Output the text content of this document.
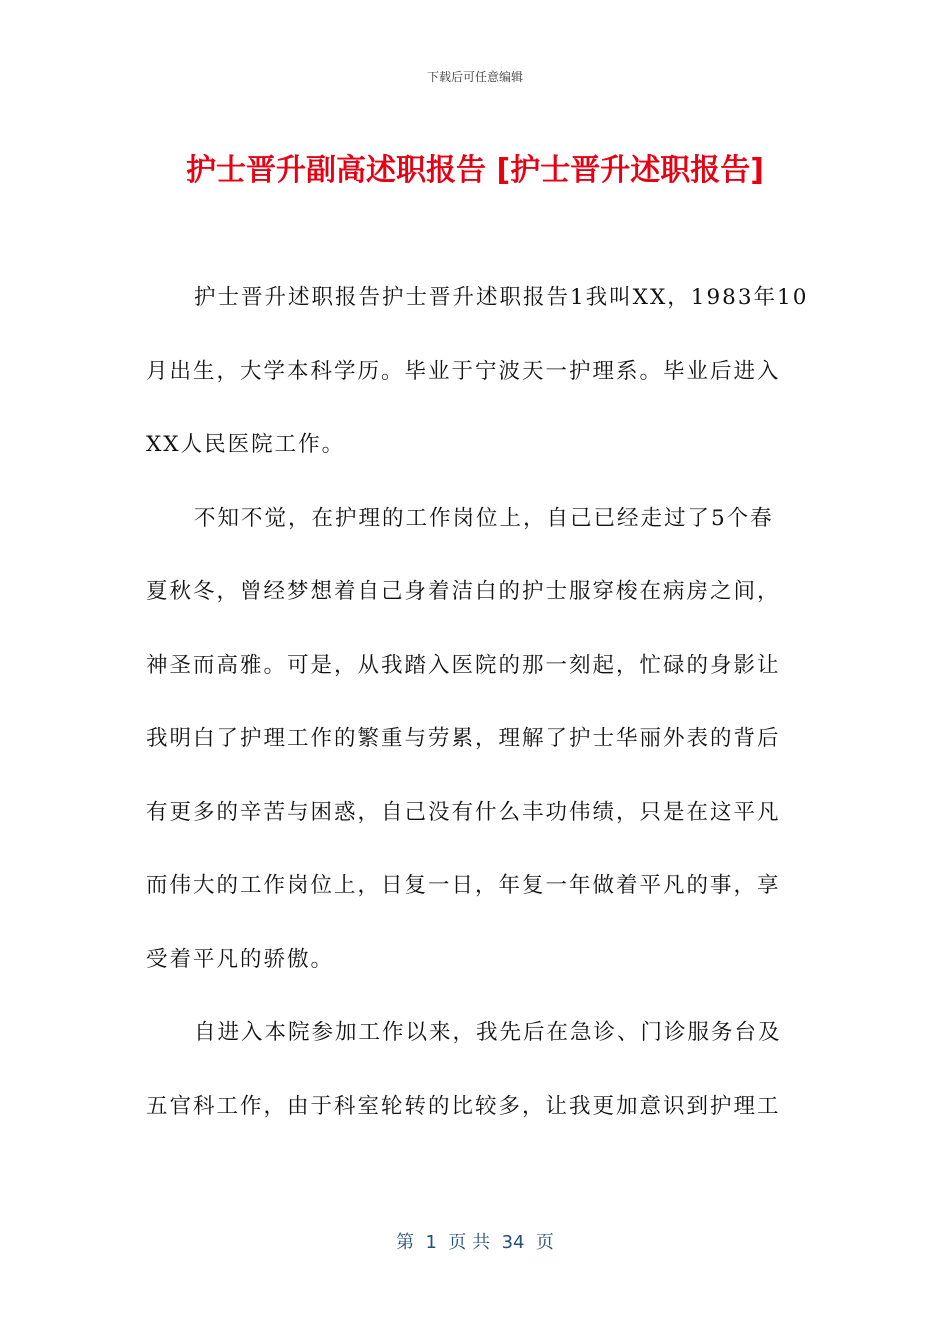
下载后可任意编辑
护士晋升副高述职报告 [护士晋升述职报告]
护士晋升述职报告护士晋升述职报告1我叫XX，1983年10
月出生，大学本科学历。毕业于宁波天一护理系。毕业后进入
XX人民医院工作。
不知不觉，在护理的工作岗位上，自己已经走过了5个春
夏秋冬，曾经梦想着自己身着洁白的护士服穿梭在病房之间，
神圣而高雅。可是，从我踏入医院的那一刻起，忙碌的身影让
我明白了护理工作的繁重与劳累，理解了护士华丽外表的背后
有更多的辛苦与困惑，自己没有什么丰功伟绩，只是在这平凡
而伟大的工作岗位上，日复一日，年复一年做着平凡的事，享
受着平凡的骄傲。
自进入本院参加工作以来，我先后在急诊、门诊服务台及
五官科工作，由于科室轮转的比较多，让我更加意识到护理工
第  1  页 共  34  页
